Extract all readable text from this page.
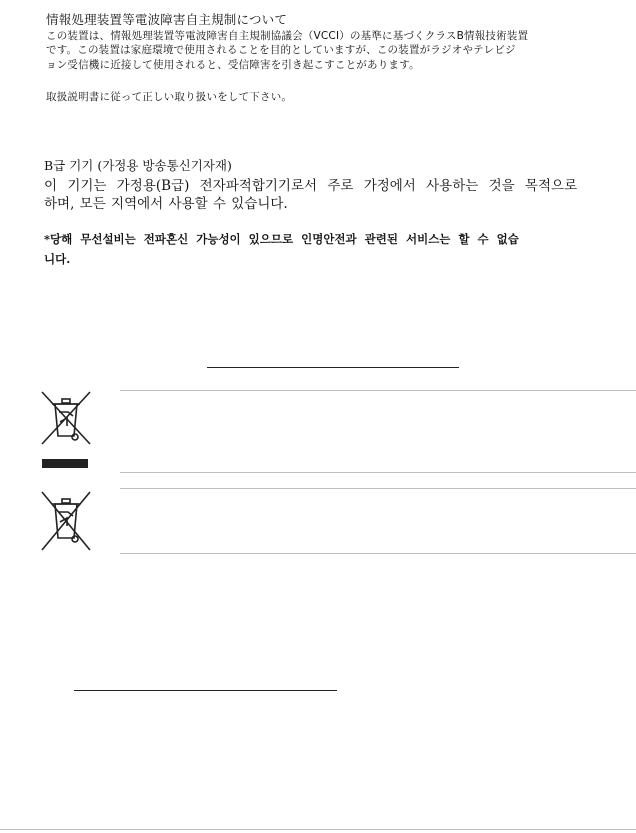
情報処理装置等電波障害自主規制について
この装置は、情報処理装置等電波障害自主規制協議会（VCCI）の基準に基づくクラスB情報技術装置
です。この装置は家庭環境で使用されることを目的としていますが、この装置がラジオやテレビジ
ョン受信機に近接して使用されると、受信障害を引き起こすことがあります。
取扱説明書に従って正しい取り扱いをして下さい。
B급 기기 (가정용 방송통신기자재)
이 기기는 가정용(B급) 전자파적합기기로서 주로 가정에서 사용하는 것을 목적으로
하며, 모든 지역에서 사용할 수 있습니다.
*당해 무선설비는 전파혼신 가능성이 있으므로 인명안전과 관련된 서비스는 할 수 없습
니다.
